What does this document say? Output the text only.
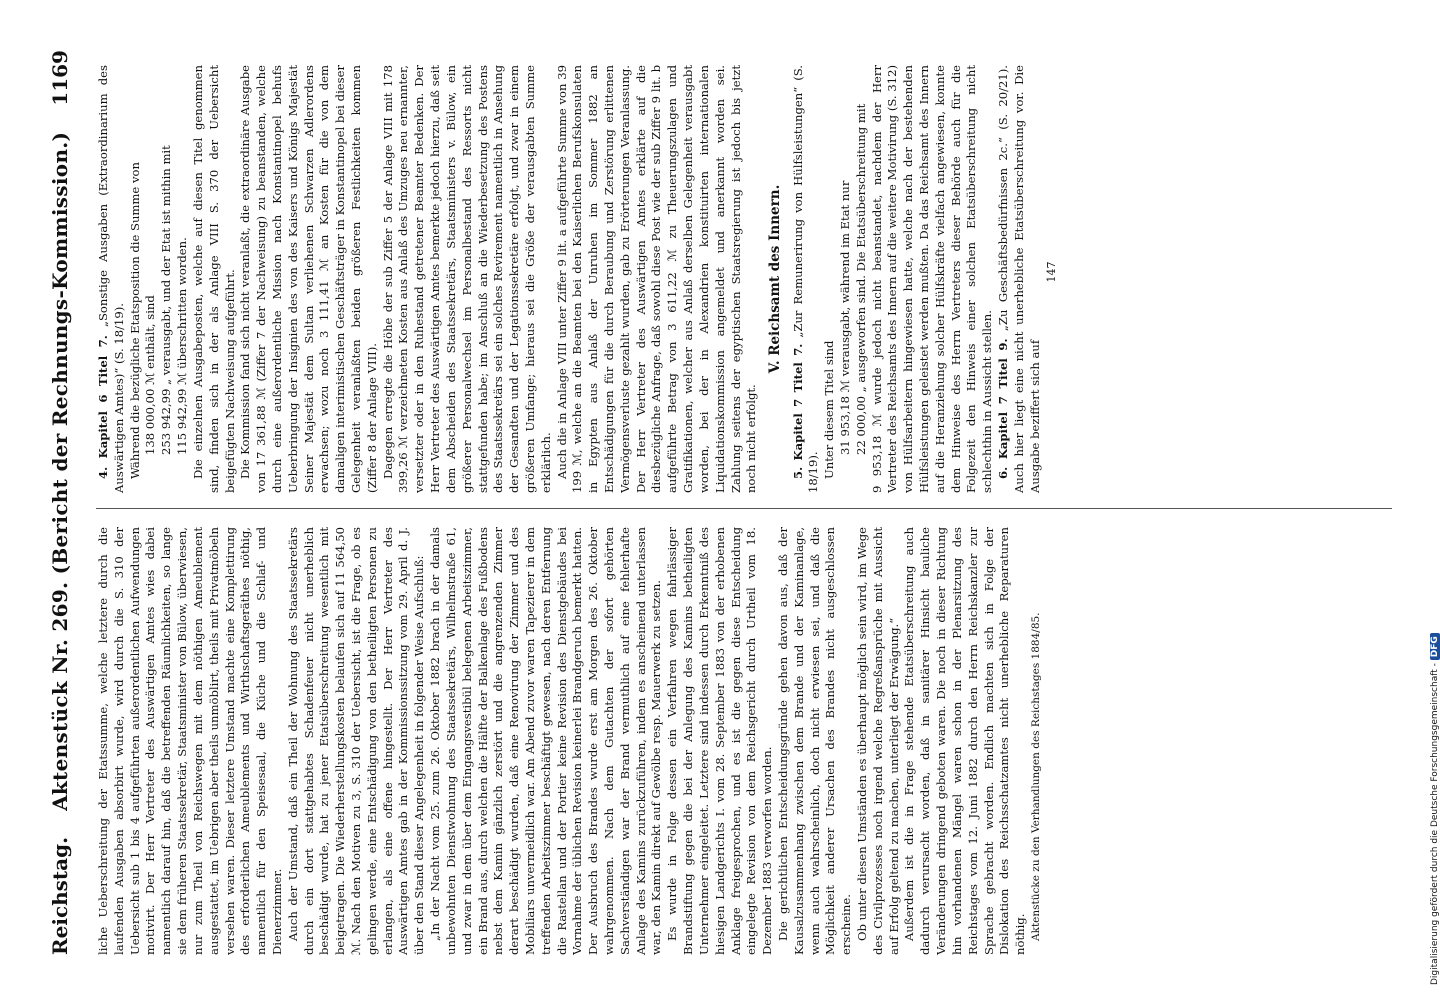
Reichstag.
Aktenstück Nr. 269. (Bericht der Rechnungs-Kommission.)
1169

liche Ueberschreitung der Etatssumme, welche letztere durch die laufenden Ausgaben absorbirt wurde, wird durch die S. 310 der Uebersicht sub 1 bis 4 aufgeführten außerordentlichen Aufwendungen motivirt. Der Herr Vertreter des Auswärtigen Amtes wies dabei namentlich darauf hin, daß die betreffenden Räumlichkeiten, so lange sie dem früheren Staatssekretär, Staatsminister von Bülow, überwiesen, nur zum Theil von Reichswegen mit dem nöthigen Ameublement ausgestattet, im Uebrigen aber theils unmöblirt, theils mit Privatmöbeln versehen waren. Dieser letztere Umstand machte eine Komplettirung des erforderlichen Ameublements und Wirthschaftsgeräthes nöthig, namentlich für den Speisesaal, die Küche und die Schlaf- und Dienerzimmer. Auch der Umstand, daß ein Theil der Wohnung des Staatssekretärs durch ein dort stattgehabtes Schadenfeuer nicht unerheblich beschädigt wurde, hat zu jener Etatsüberschreitung wesentlich mit beigetragen. Die Wiederherstellungskosten belaufen sich auf 11 564,50 ℳ. Nach den Motiven zu 3, S. 310 der Uebersicht, ist die Frage, ob es gelingen werde, eine Entschädigung von den betheiligten Personen zu erlangen, als eine offene hingestellt. Der Herr Vertreter des Auswärtigen Amtes gab in der Kommissionssitzung vom 29. April d. J. über den Stand dieser Angelegenheit in folgender Weise Aufschluß: „In der Nacht vom 25. zum 26. Oktober 1882 brach in der damals unbewohnten Dienstwohnung des Staatssekretärs, Wilhelmstraße 61, und zwar in dem über dem Eingangsvestibül belegenen Arbeitszimmer, ein Brand aus, durch welchen die Hälfte der Balkenlage des Fußbodens nebst dem Kamin gänzlich zerstört und die angrenzenden Zimmer derart beschädigt wurden, daß eine Renovirung der Zimmer und des Mobiliars unvermeidlich war. Am Abend zuvor waren Tapezierer in dem treffenden Arbeitszimmer beschäftigt gewesen, nach deren Entfernung die Rastellan und der Portier keine Revision des Dienstgebäudes bei Vornahme der üblichen Revision keinerlei Brandgeruch bemerkt hatten. Der Ausbruch des Brandes wurde erst am Morgen des 26. Oktober wahrgenommen. Nach dem Gutachten der sofort gehörten Sachverständigen war der Brand vermuthlich auf eine fehlerhafte Anlage des Kamins zurückzuführen, indem es anscheinend unterlassen war, den Kamin direkt auf Gewölbe resp. Mauerwerk zu setzen. Es wurde in Folge dessen ein Verfahren wegen fahrlässiger Brandstiftung gegen die bei der Anlegung des Kamins betheiligten Unternehmer eingeleitet. Letztere sind indessen durch Erkenntniß des hiesigen Landgerichts I. vom 28. September 1883 von der erhobenen Anklage freigesprochen, und es ist die gegen diese Entscheidung eingelegte Revision von dem Reichsgericht durch Urtheil vom 18. Dezember 1883 verworfen worden. Die gerichtlichen Entscheidungsgründe gehen davon aus, daß der Kausalzusammenhang zwischen dem Brande und der Kaminanlage, wenn auch wahrscheinlich, doch nicht erwiesen sei, und daß die Möglichkeit anderer Ursachen des Brandes nicht ausgeschlossen erscheine. Ob unter diesen Umständen es überhaupt möglich sein wird, im Wege des Civilprozesses noch irgend welche Regreßansprüche mit Aussicht auf Erfolg geltend zu machen, unterliegt der Erwägung.“ Außerdem ist die in Frage stehende Etatsüberschreitung auch dadurch verursacht worden, daß in sanitärer Hinsicht bauliche Veränderungen dringend geboten waren. Die noch in dieser Richtung hin vorhandenen Mängel waren schon in der Plenarsitzung des Reichstages vom 12. Juni 1882 durch den Herrn Reichskanzler zur Sprache gebracht worden. Endlich machten sich in Folge der Dislokation des Reichsschatzamtes nicht unerhebliche Reparaturen nöthig. Aktenstücke zu den Verhandlungen des Reichstages 1884/85.

4. Kapitel 6 Titel 7. „Sonstige Ausgaben (Extraordinarium des Auswärtigen Amtes)“ (S. 18/19). Während die bezügliche Etatsposition die Summe von 138 000,00 ℳ enthält, sind 253 942,99 „ verausgabt, und der Etat ist mithin mit 115 942,99 ℳ überschritten worden. Die einzelnen Ausgabeposten, welche auf diesen Titel genommen sind, finden sich in der als Anlage VIII S. 370 der Uebersicht beigefügten Nachweisung aufgeführt. Die Kommission fand sich nicht veranlaßt, die extraordinäre Ausgabe von 17 361,88 ℳ (Ziffer 7 der Nachweisung) zu beanstanden, welche durch eine außerordentliche Mission nach Konstantinopel behufs Ueberbringung der Insignien des von des Kaisers und Königs Majestät Seiner Majestät dem Sultan verliehenen Schwarzen Adlerordens erwachsen; wozu noch 3 111,41 ℳ an Kosten für die von dem damaligen interimistischen Geschäftsträger in Konstantinopel bei dieser Gelegenheit veranlaßten beiden größeren Festlichkeiten kommen (Ziffer 8 der Anlage VIII). Dagegen erregte die Höhe der sub Ziffer 5 der Anlage VIII mit 178 399,26 ℳ verzeichneten Kosten aus Anlaß des Umzuges neu ernannter, versetzter oder in den Ruhestand getretener Beamter Bedenken. Der Herr Vertreter des Auswärtigen Amtes bemerkte jedoch hierzu, daß seit dem Abscheiden des Staatssekretärs, Staatsministers v. Bülow, ein größerer Personalwechsel im Personalbestand des Ressorts nicht stattgefunden habe; im Anschluß an die Wiederbesetzung des Postens des Staatssekretärs sei ein solches Revirement namentlich in Ansehung der Gesandten und der Legationssekretäre erfolgt, und zwar in einem größeren Umfange; hieraus sei die Größe der verausgabten Summe erklärlich. Auch die in Anlage VIII unter Ziffer 9 lit. a aufgeführte Summe von 39 199 ℳ, welche an die Beamten bei den Kaiserlichen Berufskonsulaten in Egypten aus Anlaß der Unruhen im Sommer 1882 an Entschädigungen für die durch Beraubung und Zerstörung erlittenen Vermögensverluste gezahlt wurden, gab zu Erörterungen Veranlassung. Der Herr Vertreter des Auswärtigen Amtes erklärte auf die diesbezügliche Anfrage, daß sowohl diese Post wie der sub Ziffer 9 lit. b aufgeführte Betrag von 3 611,22 ℳ zu Theuerungszulagen und Gratifikationen, welcher aus Anlaß derselben Gelegenheit verausgabt worden, bei der in Alexandrien konstituirten internationalen Liquidationskommission angemeldet und anerkannt worden sei. Zahlung seitens der egyptischen Staatsregierung ist jedoch bis jetzt noch nicht erfolgt.

V. Reichsamt des Innern.

5. Kapitel 7 Titel 7. „Zur Remunerirung von Hülfsleistungen“ (S. 18/19). Unter diesem Titel sind 31 953,18 ℳ verausgabt, während im Etat nur 22 000,00 „ ausgeworfen sind. Die Etatsüberschreitung mit 9 953,18 ℳ wurde jedoch nicht beanstandet, nachdem der Herr Vertreter des Reichsamts des Innern auf die weitere Motivirung (S. 312) von Hülfsarbeitern hingewiesen hatte, welche nach der bestehenden Hülfsleistungen geleistet werden mußten. Da das Reichsamt des Innern auf die Heranziehung solcher Hülfskräfte vielfach angewiesen, konnte dem Hinweise des Herrn Vertreters dieser Behörde auch für die Folgezeit den Hinweis einer solchen Etatsüberschreitung nicht schlechthin in Aussicht stellen. 6. Kapitel 7 Titel 9. „Zu Geschäftsbedürfnissen 2c.“ (S. 20/21). Auch hier liegt eine nicht unerhebliche Etatsüberschreitung vor. Die Ausgabe beziffert sich auf

147

Digitalisierung gefördert durch die Deutsche Forschungsgemeinschaft - DFG
